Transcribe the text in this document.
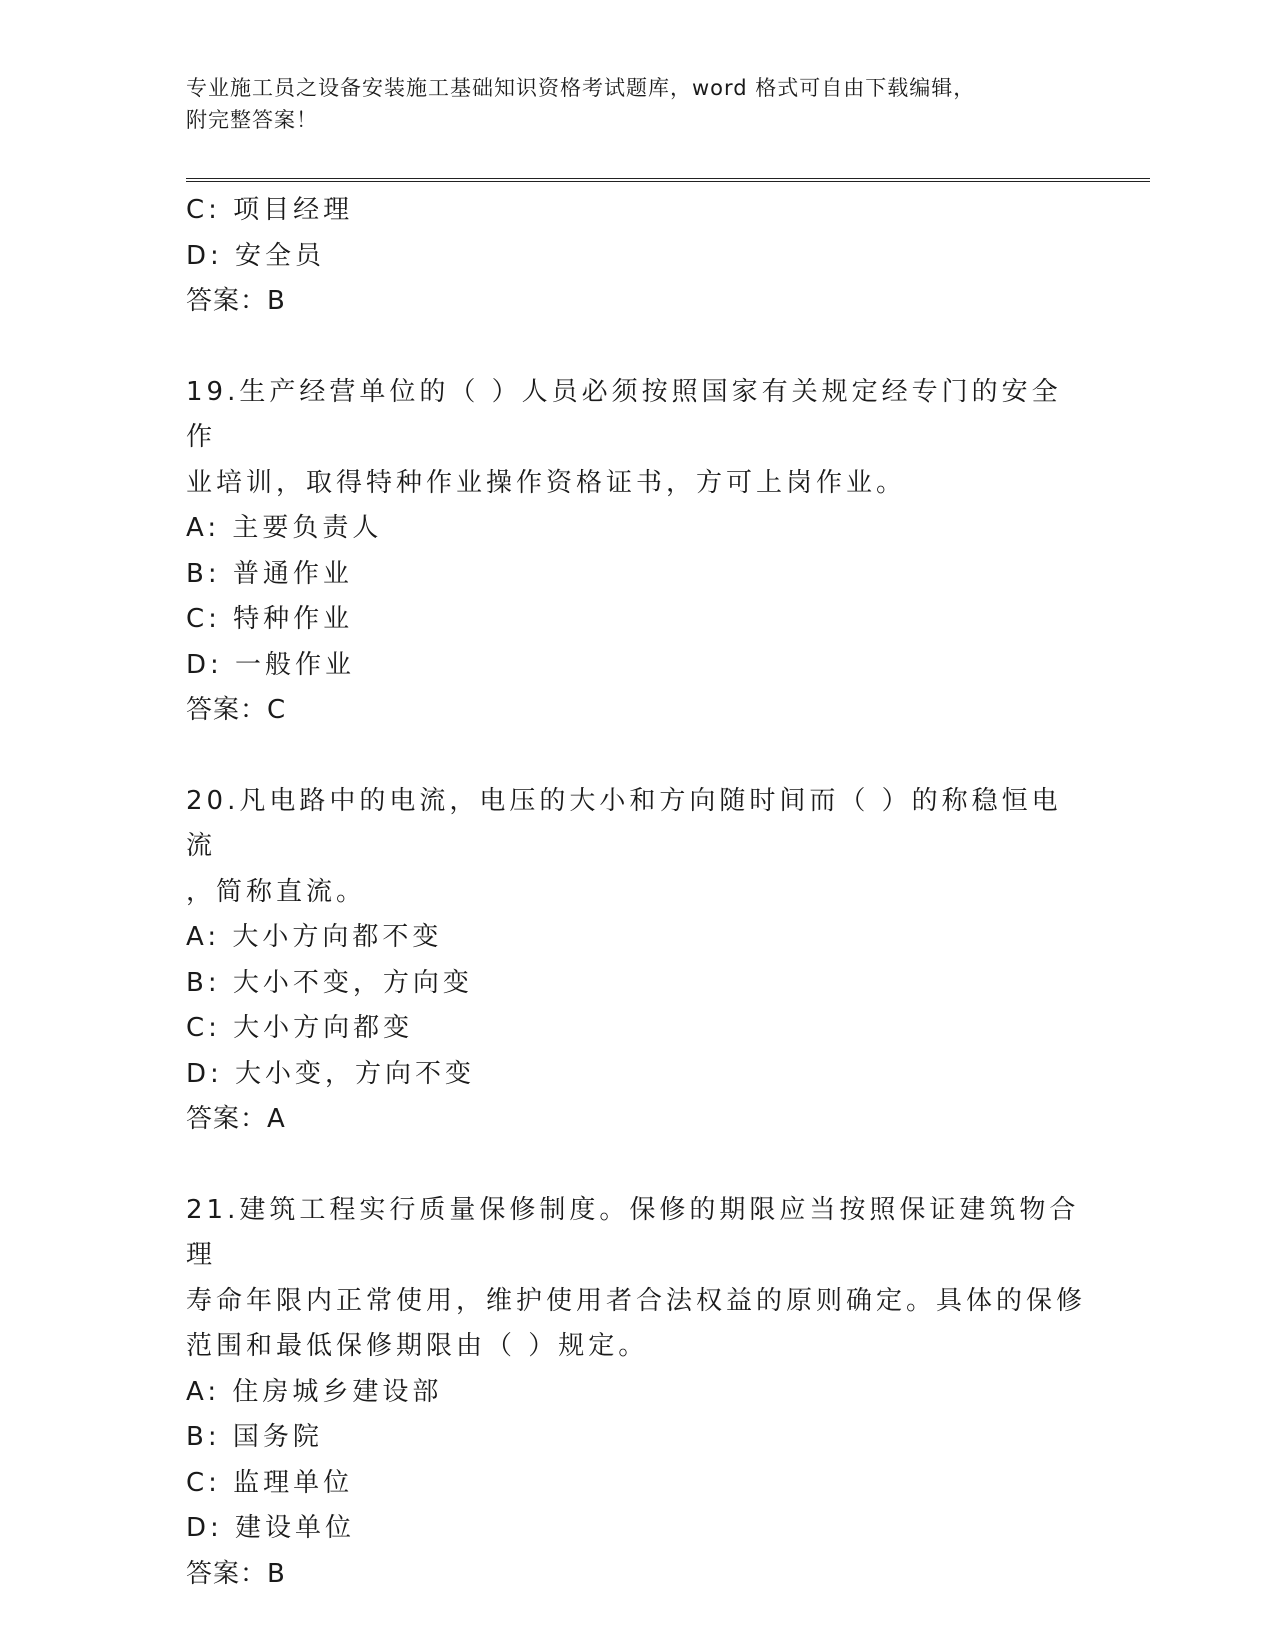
专业施工员之设备安装施工基础知识资格考试题库，word 格式可自由下载编辑，
附完整答案！
C: 项目经理
D: 安全员
答案：B
19.生产经营单位的（ ）人员必须按照国家有关规定经专门的安全作
业培训，取得特种作业操作资格证书，方可上岗作业。
A: 主要负责人
B: 普通作业
C: 特种作业
D: 一般作业
答案：C
20.凡电路中的电流，电压的大小和方向随时间而（ ）的称稳恒电流
，简称直流。
A: 大小方向都不变
B: 大小不变，方向变
C: 大小方向都变
D: 大小变，方向不变
答案：A
21.建筑工程实行质量保修制度。保修的期限应当按照保证建筑物合理
寿命年限内正常使用，维护使用者合法权益的原则确定。具体的保修
范围和最低保修期限由（ ）规定。
A: 住房城乡建设部
B: 国务院
C: 监理单位
D: 建设单位
答案：B
